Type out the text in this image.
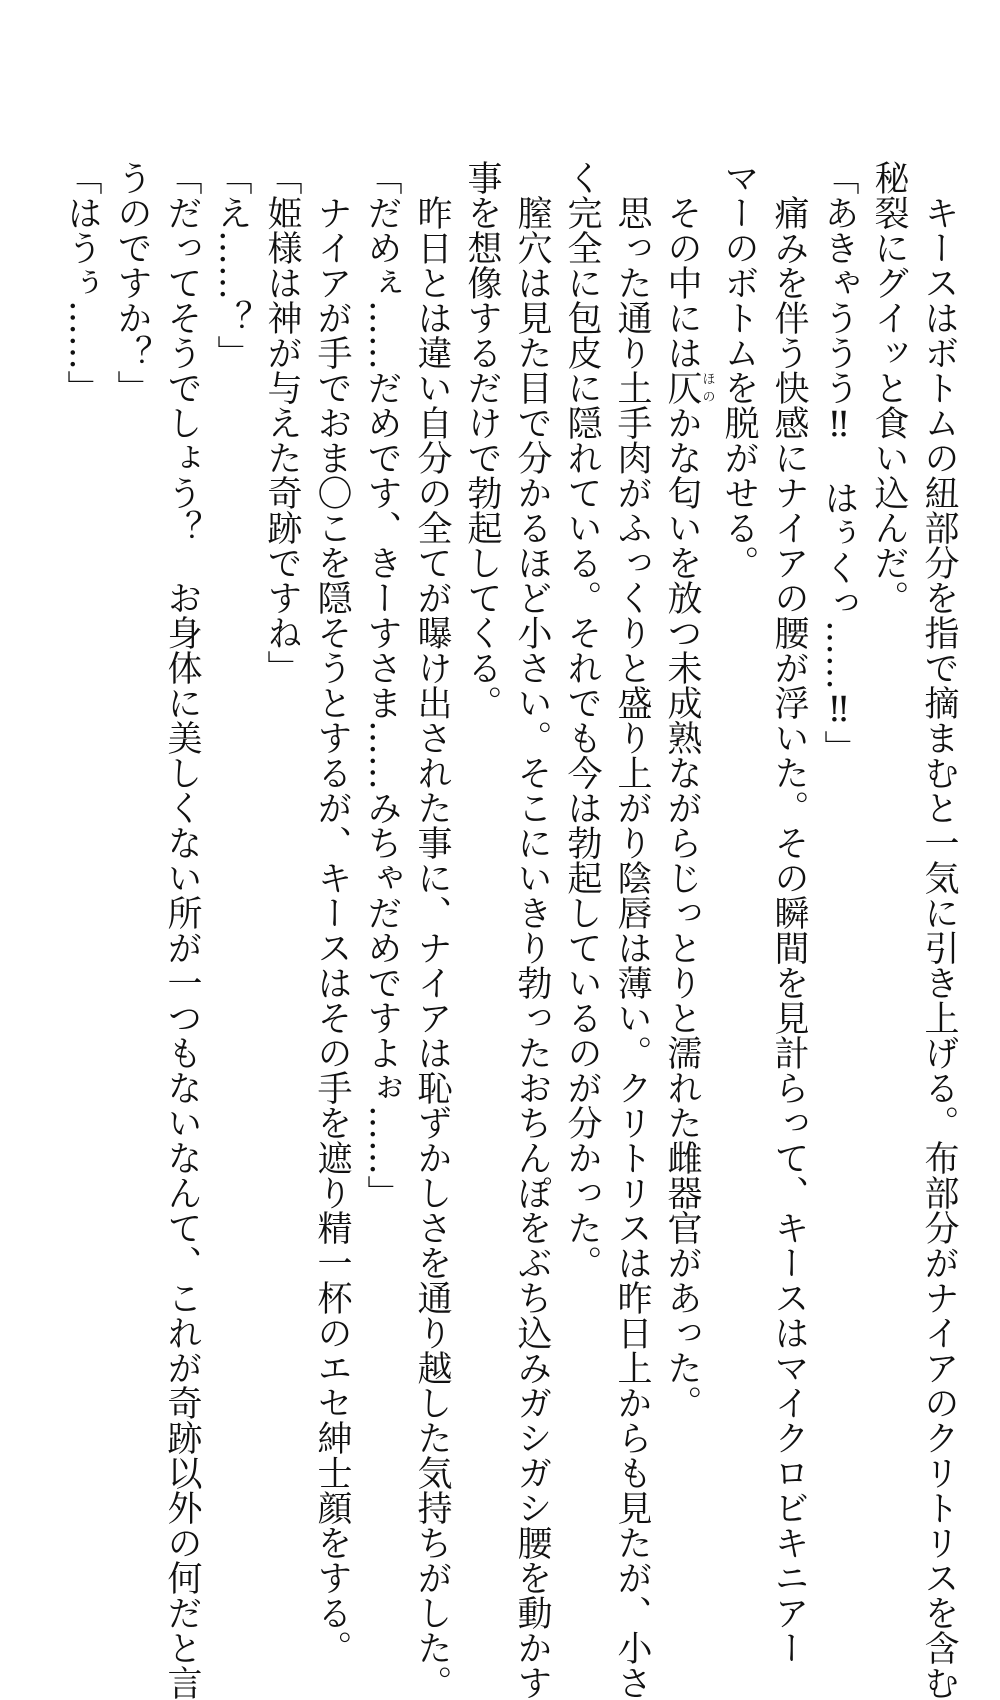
キースはボトムの紐部分を指で摘まむと一気に引き上げる。布部分がナイアのクリトリスを含む

秘裂にグイッと食い込んだ。

「あきゃううう‼　はぅくっ……‼」

痛みを伴う快感にナイアの腰が浮いた。その瞬間を見計らって、キースはマイクロビキニアー

マーのボトムを脱がせる。

その中には仄ほのかな匂いを放つ未成熟ながらじっとりと濡れた雌器官があった。

思った通り土手肉がふっくりと盛り上がり陰唇は薄い。クリトリスは昨日上からも見たが、小さ

く完全に包皮に隠れている。それでも今は勃起しているのが分かった。

膣穴は見た目で分かるほど小さい。そこにいきり勃ったおちんぽをぶち込みガシガシ腰を動かす

事を想像するだけで勃起してくる。

昨日とは違い自分の全てが曝け出された事に、ナイアは恥ずかしさを通り越した気持ちがした。

「だめぇ……だめです、きーすさま……みちゃだめですよぉ……」

ナイアが手でおま〇こを隠そうとするが、キースはその手を遮り精一杯のエセ紳士顔をする。

「姫様は神が与えた奇跡ですね」

「え……？」

「だってそうでしょう？　お身体に美しくない所が一つもないなんて、これが奇跡以外の何だと言

うのですか？」

「はうぅ……」
